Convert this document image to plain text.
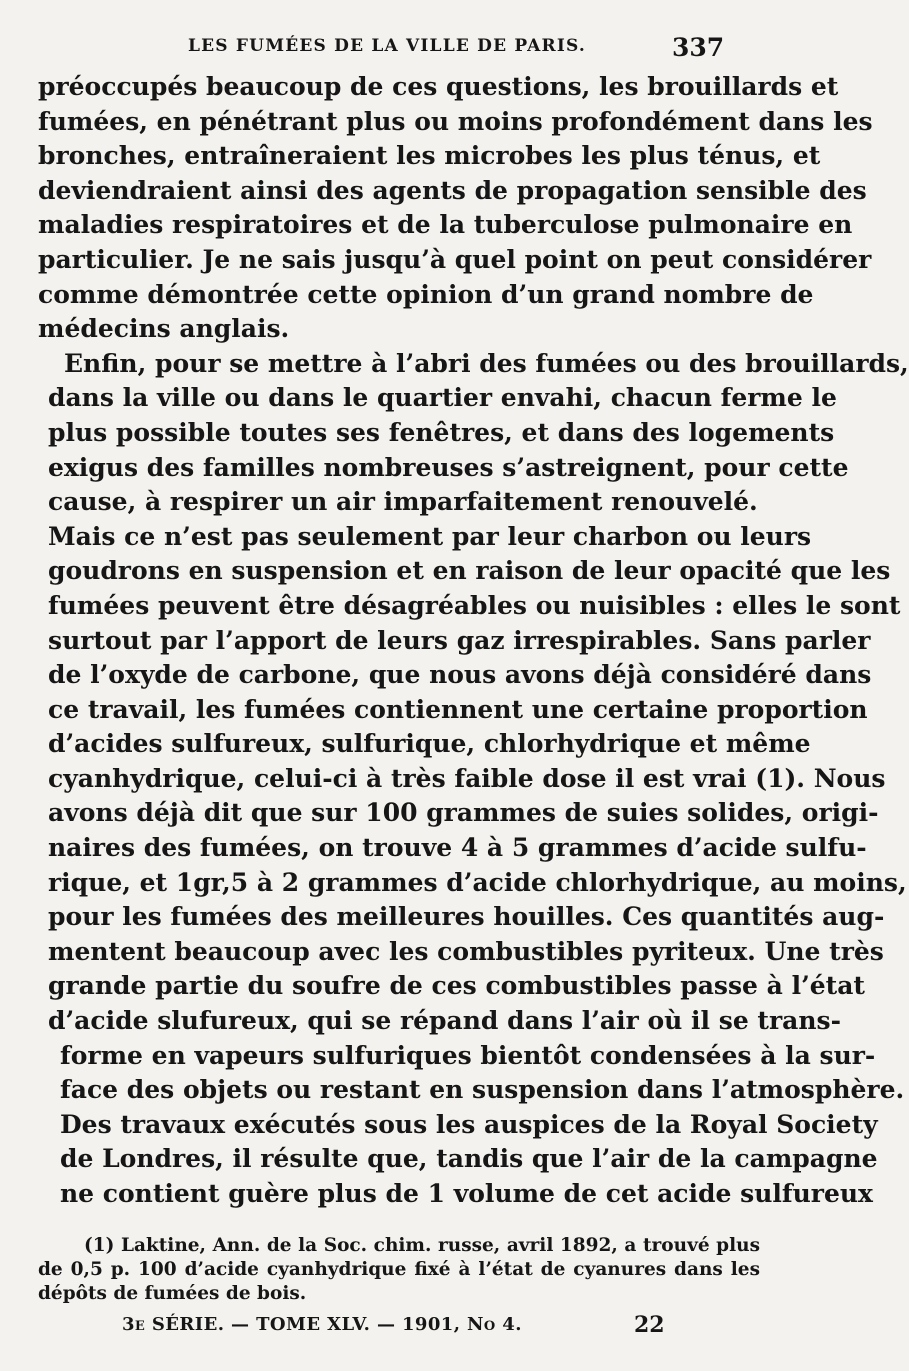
LES FUMÉES DE LA VILLE DE PARIS.	337
préoccupés beaucoup de ces questions, les brouillards et
fumées, en pénétrant plus ou moins profondément dans les
bronches, entraîneraient les microbes les plus ténus, et
deviendraient ainsi des agents de propagation sensible des
maladies respiratoires et de la tuberculose pulmonaire en
particulier. Je ne sais jusqu’à quel point on peut considérer
comme démontrée cette opinion d’un grand nombre de
médecins anglais.
Enfin, pour se mettre à l’abri des fumées ou des brouillards,
dans la ville ou dans le quartier envahi, chacun ferme le
plus possible toutes ses fenêtres, et dans des logements
exigus des familles nombreuses s’astreignent, pour cette
cause, à respirer un air imparfaitement renouvelé.
Mais ce n’est pas seulement par leur charbon ou leurs
goudrons en suspension et en raison de leur opacité que les
fumées peuvent être désagréables ou nuisibles : elles le sont
surtout par l’apport de leurs gaz irrespirables. Sans parler
de l’oxyde de carbone, que nous avons déjà considéré dans
ce travail, les fumées contiennent une certaine proportion
d’acides sulfureux, sulfurique, chlorhydrique et même
cyanhydrique, celui-ci à très faible dose il est vrai (1). Nous
avons déjà dit que sur 100 grammes de suies solides, origi-
naires des fumées, on trouve 4 à 5 grammes d’acide sulfu-
rique, et 1gr,5 à 2 grammes d’acide chlorhydrique, au moins,
pour les fumées des meilleures houilles. Ces quantités aug-
mentent beaucoup avec les combustibles pyriteux. Une très
grande partie du soufre de ces combustibles passe à l’état
d’acide slufureux, qui se répand dans l’air où il se trans-
forme en vapeurs sulfuriques bientôt condensées à la sur-
face des objets ou restant en suspension dans l’atmosphère.
Des travaux exécutés sous les auspices de la Royal Society
de Londres, il résulte que, tandis que l’air de la campagne
ne contient guère plus de 1 volume de cet acide sulfureux
(1) Laktine, Ann. de la Soc. chim. russe, avril 1892, a trouvé plus
de 0,5 p. 100 d’acide cyanhydrique fixé à l’état de cyanures dans les
dépôts de fumées de bois.
3e SÉRIE. — TOME XLV. — 1901, No 4.	22
